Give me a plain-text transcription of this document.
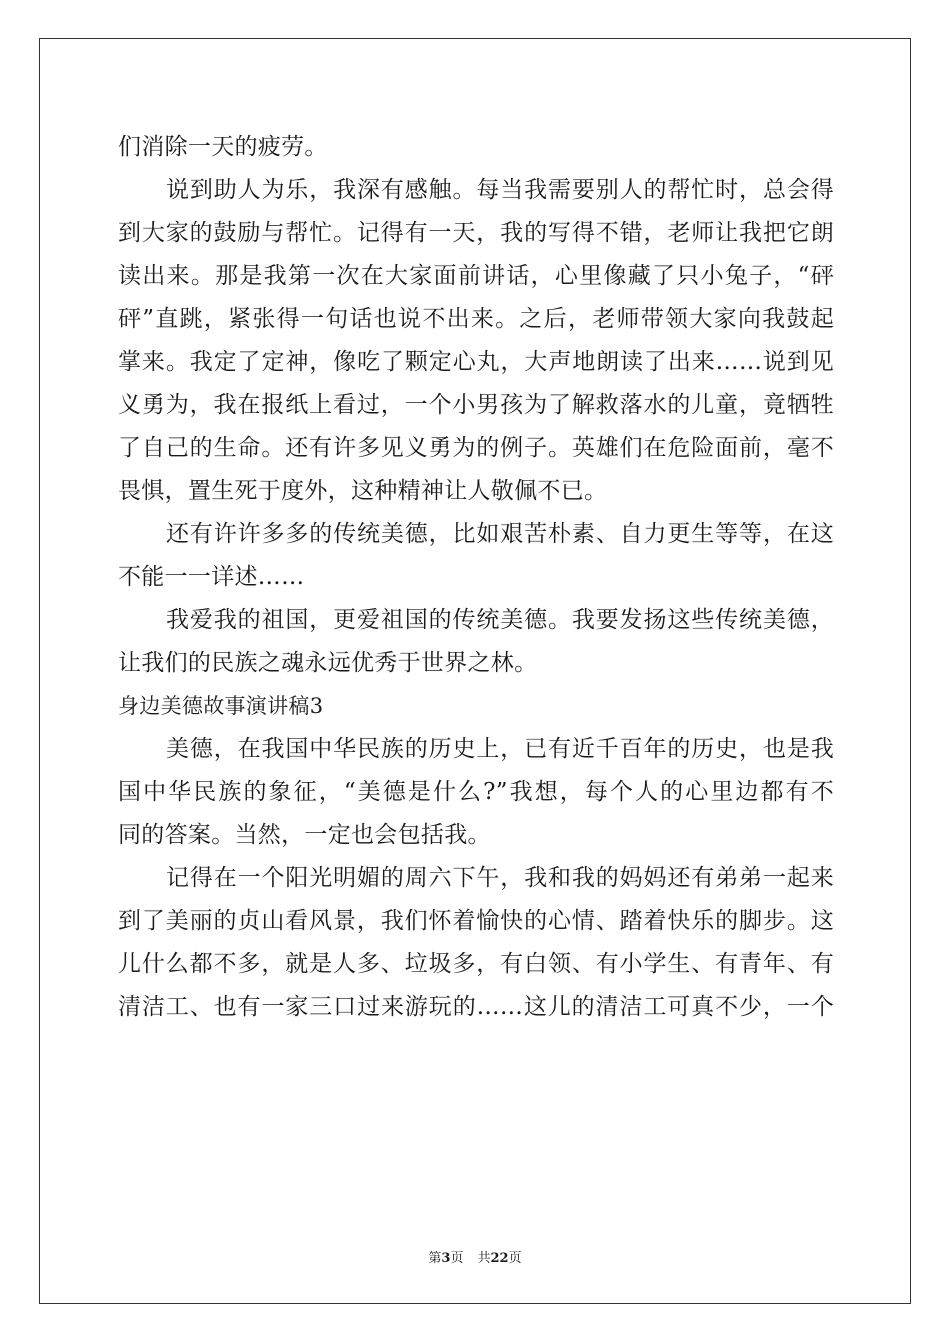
们消除一天的疲劳。
说到助人为乐，我深有感触。每当我需要别人的帮忙时，总会得
到大家的鼓励与帮忙。记得有一天，我的写得不错，老师让我把它朗
读出来。那是我第一次在大家面前讲话，心里像藏了只小兔子，“砰
砰”直跳，紧张得一句话也说不出来。之后，老师带领大家向我鼓起
掌来。我定了定神，像吃了颗定心丸，大声地朗读了出来……说到见
义勇为，我在报纸上看过，一个小男孩为了解救落水的儿童，竟牺牲
了自己的生命。还有许多见义勇为的例子。英雄们在危险面前，毫不
畏惧，置生死于度外，这种精神让人敬佩不已。
还有许许多多的传统美德，比如艰苦朴素、自力更生等等，在这
不能一一详述……
我爱我的祖国，更爱祖国的传统美德。我要发扬这些传统美德，
让我们的民族之魂永远优秀于世界之林。
身边美德故事演讲稿3
美德，在我国中华民族的历史上，已有近千百年的历史，也是我
国中华民族的象征，“美德是什么?”我想，每个人的心里边都有不
同的答案。当然，一定也会包括我。
记得在一个阳光明媚的周六下午，我和我的妈妈还有弟弟一起来
到了美丽的贞山看风景，我们怀着愉快的心情、踏着快乐的脚步。这
儿什么都不多，就是人多、垃圾多，有白领、有小学生、有青年、有
清洁工、也有一家三口过来游玩的……这儿的清洁工可真不少，一个
第3页 共22页
